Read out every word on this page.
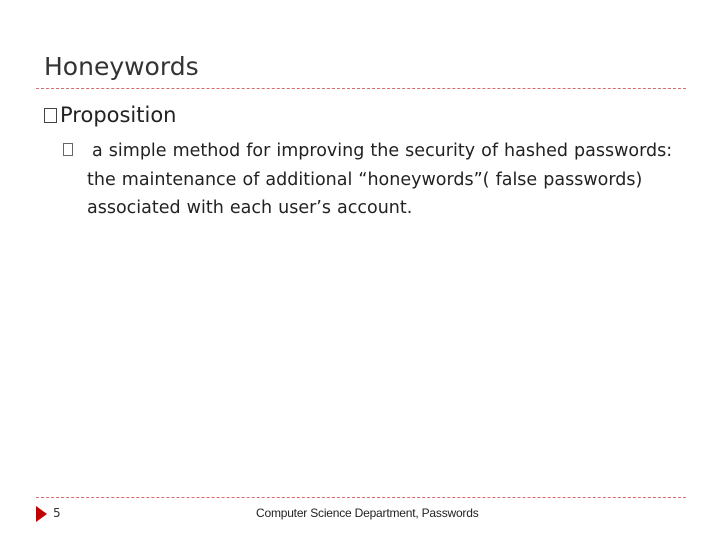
Honeywords
Proposition
a simple method for improving the security of hashed passwords: the maintenance of additional “honeywords”( false passwords) associated with each user’s account.
5	Computer Science Department, Passwords
